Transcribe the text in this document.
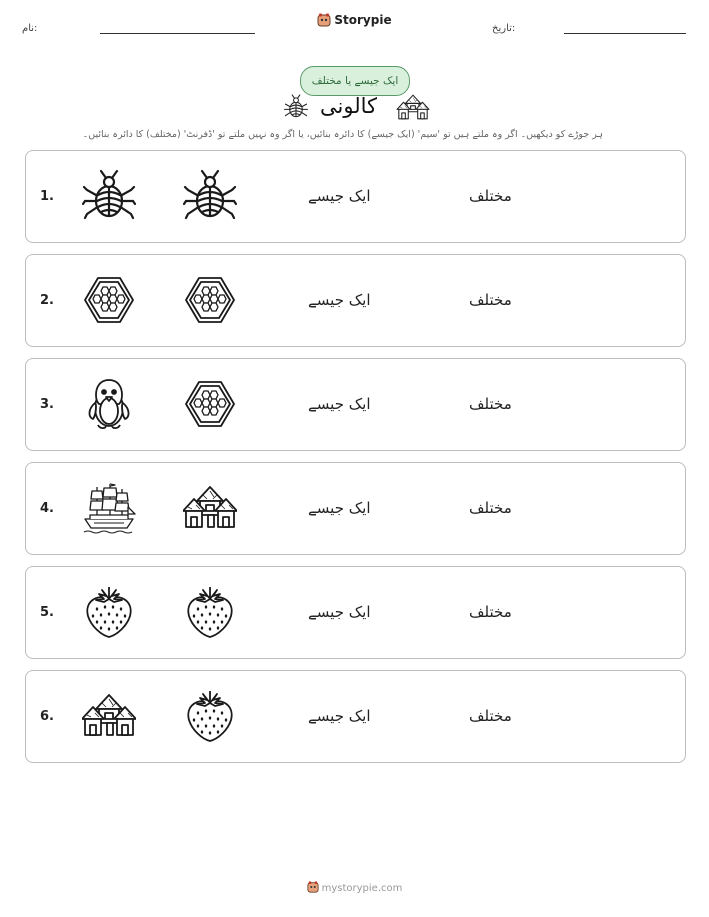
نام:
Storypie
تاریخ:
ایک جیسے یا مختلف
کالونی
ہر جوڑے کو دیکھیں۔ اگر وہ ملتے ہیں تو 'سیم' (ایک جیسے) کا دائرہ بنائیں، یا اگر وہ نہیں ملتے تو 'ڈفرنٹ' (مختلف) کا دائرہ بنائیں۔
1.	ایک جیسے	مختلف
2.	ایک جیسے	مختلف
3.	ایک جیسے	مختلف
4.	ایک جیسے	مختلف
5.	ایک جیسے	مختلف
6.	ایک جیسے	مختلف
mystorypie.com
